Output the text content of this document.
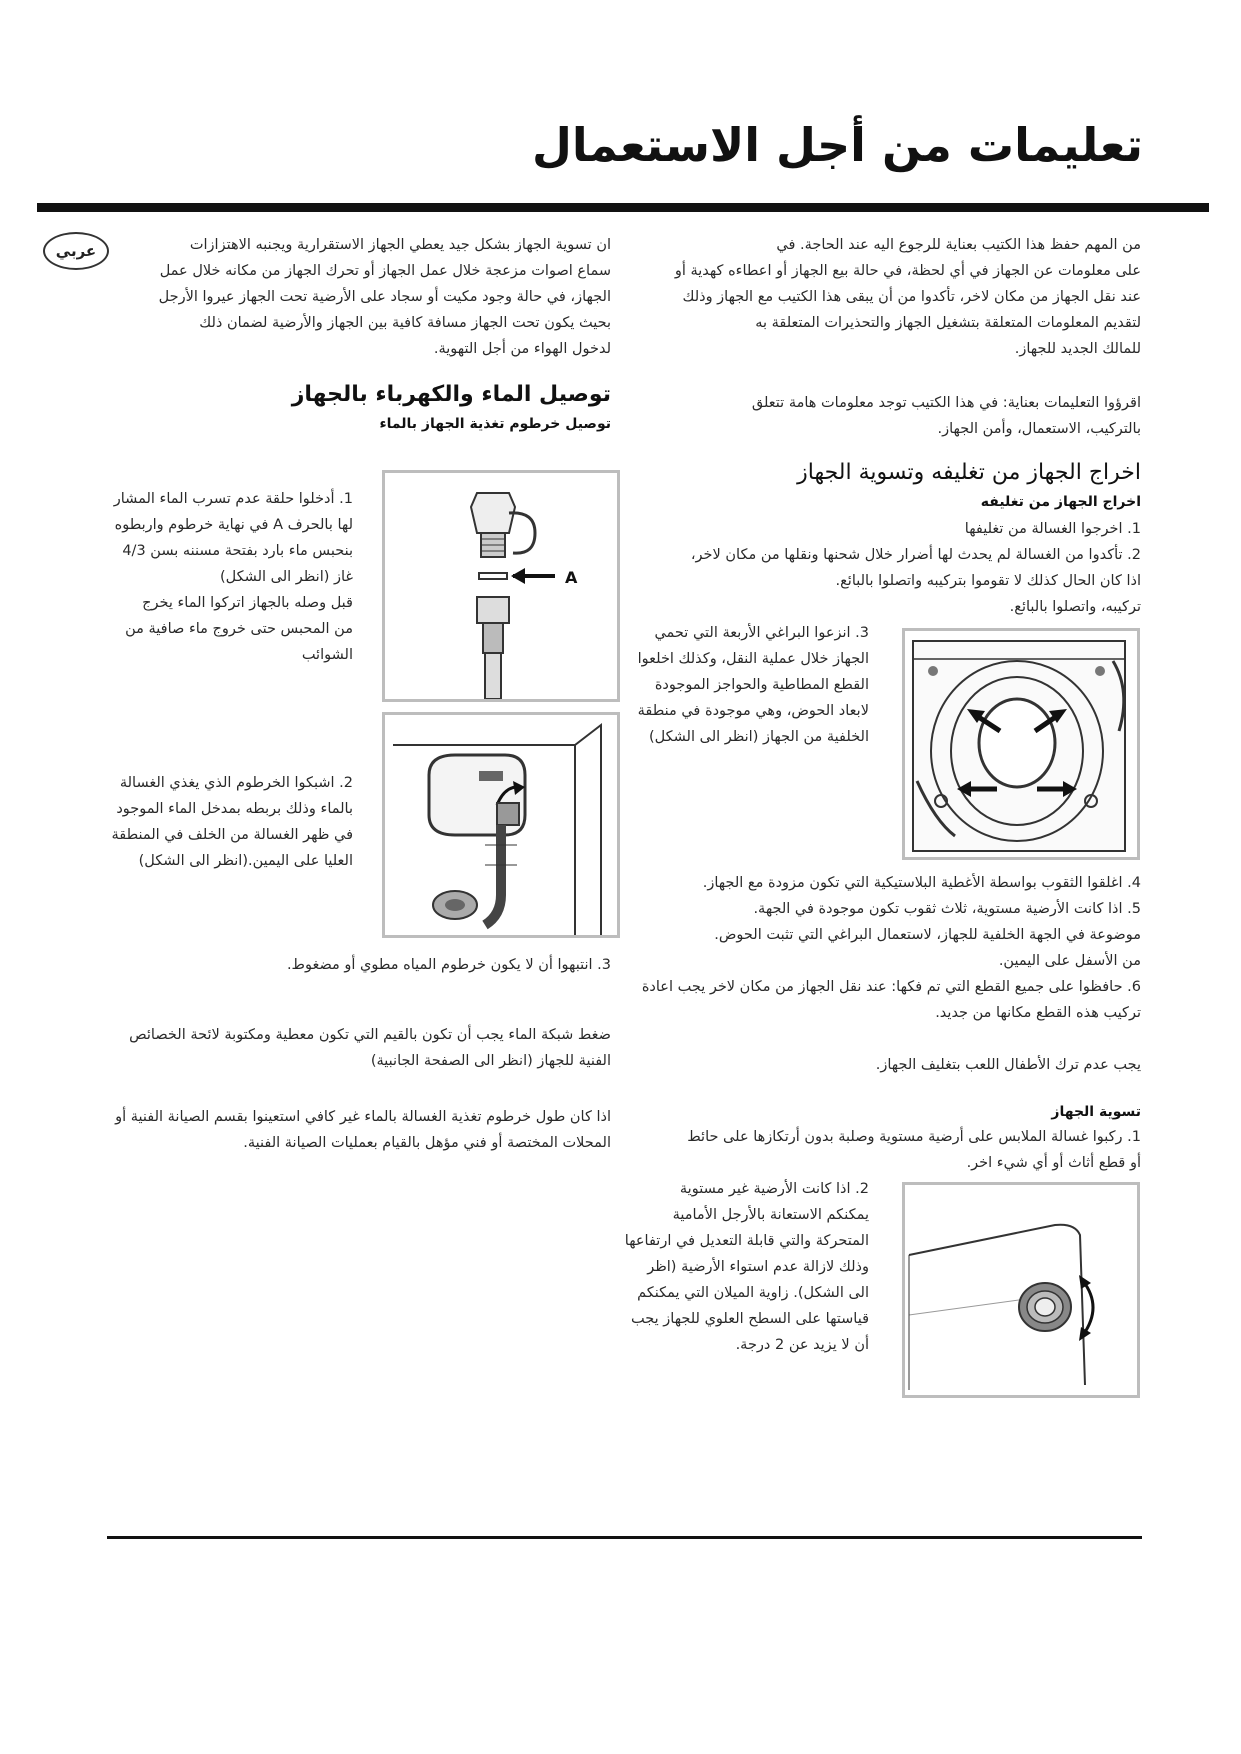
تعليمات من أجل الاستعمال
عربي	من المهم حفظ هذا الكتيب بعناية للرجوع اليه عند الحاجة. في

على معلومات عن الجهاز في أي لحظة، في حالة بيع الجهاز أو اعطاءه كهدية أو

عند نقل الجهاز من مكان لاخر، تأكدوا من أن يبقى هذا الكتيب مع الجهاز وذلك

لتقديم المعلومات المتعلقة بتشغيل الجهاز والتحذيرات المتعلقة به

للمالك الجديد للجهاز.

اقرؤوا التعليمات بعناية: في هذا الكتيب توجد معلومات هامة تتعلق

بالتركيب، الاستعمال، وأمن الجهاز.

اخراج الجهاز من تغليفه وتسوية الجهاز
اخراج الجهاز من تغليفه

1. اخرجوا الغسالة من تغليفها

2. تأكدوا من الغسالة لم يحدث لها أضرار خلال شحنها ونقلها من مكان لاخر،

اذا كان الحال كذلك لا تقوموا بتركيبه واتصلوا بالبائع.

تركيبه، واتصلوا بالبائع.

3. انزعوا البراغي الأربعة التي تحمي

الجهاز خلال عملية النقل، وكذلك اخلعوا

القطع المطاطية والحواجز الموجودة

لابعاد الحوض، وهي موجودة في منطقة

الخلفية من الجهاز (انظر الى الشكل)

4. اغلقوا الثقوب بواسطة الأغطية البلاستيكية التي تكون مزودة مع الجهاز.

5. اذا كانت الأرضية مستوية، ثلاث ثقوب تكون موجودة في الجهة.

موضوعة في الجهة الخلفية للجهاز، لاستعمال البراغي التي تثبت الحوض.

من الأسفل على اليمين.

6. حافظوا على جميع القطع التي تم فكها: عند نقل الجهاز من مكان لاخر يجب اعادة

تركيب هذه القطع مكانها من جديد.

يجب عدم ترك الأطفال اللعب بتغليف الجهاز.
تسوية الجهاز

1. ركبوا غسالة الملابس على أرضية مستوية وصلبة بدون أرتكازها على حائط

أو قطع أثاث أو أي شيء اخر.

2. اذا كانت الأرضية غير مستوية

يمكنكم الاستعانة بالأرجل الأمامية

المتحركة والتي قابلة التعديل في ارتفاعها

وذلك لازالة عدم استواء الأرضية (اظر

الى الشكل). زاوية الميلان التي يمكنكم

قياستها على السطح العلوي للجهاز يجب

أن لا يزيد عن 2 درجة.

ان تسوية الجهاز بشكل جيد يعطي الجهاز الاستقرارية ويجنبه الاهتزازات

سماع اصوات مزعجة خلال عمل الجهاز أو تحرك الجهاز من مكانه خلال عمل

الجهاز، في حالة وجود مكيت أو سجاد على الأرضية تحت الجهاز عيروا الأرجل

بحيث يكون تحت الجهاز مسافة كافية بين الجهاز والأرضية لضمان ذلك

لدخول الهواء من أجل التهوية.

توصيل الماء والكهرباء بالجهاز
توصيل خرطوم تغذية الجهاز بالماء

1. أدخلوا حلقة عدم تسرب الماء المشار

لها بالحرف A في نهاية خرطوم واربطوه

بنحبس ماء بارد بفتحة مسننه بسن 4/3

غاز (انظر الى الشكل)

قبل وصله بالجهاز اتركوا الماء يخرج

من المحبس حتى خروج ماء صافية من

الشوائب

A

2. اشبكوا الخرطوم الذي يغذي الغسالة

بالماء وذلك بربطه بمدخل الماء الموجود

في ظهر الغسالة من الخلف في المنطقة

العليا على اليمين.(انظر الى الشكل)

3. انتبهوا أن لا يكون خرطوم المياه مطوي أو مضغوط.

ضغط شبكة الماء يجب أن تكون بالقيم التي تكون معطية ومكتوبة لائحة الخصائص

الفنية للجهاز (انظر الى الصفحة الجانبية)

اذا كان طول خرطوم تغذية الغسالة بالماء غير كافي استعينوا بقسم الصيانة الفنية أو

المحلات المختصة أو فني مؤهل بالقيام بعمليات الصيانة الفنية.
